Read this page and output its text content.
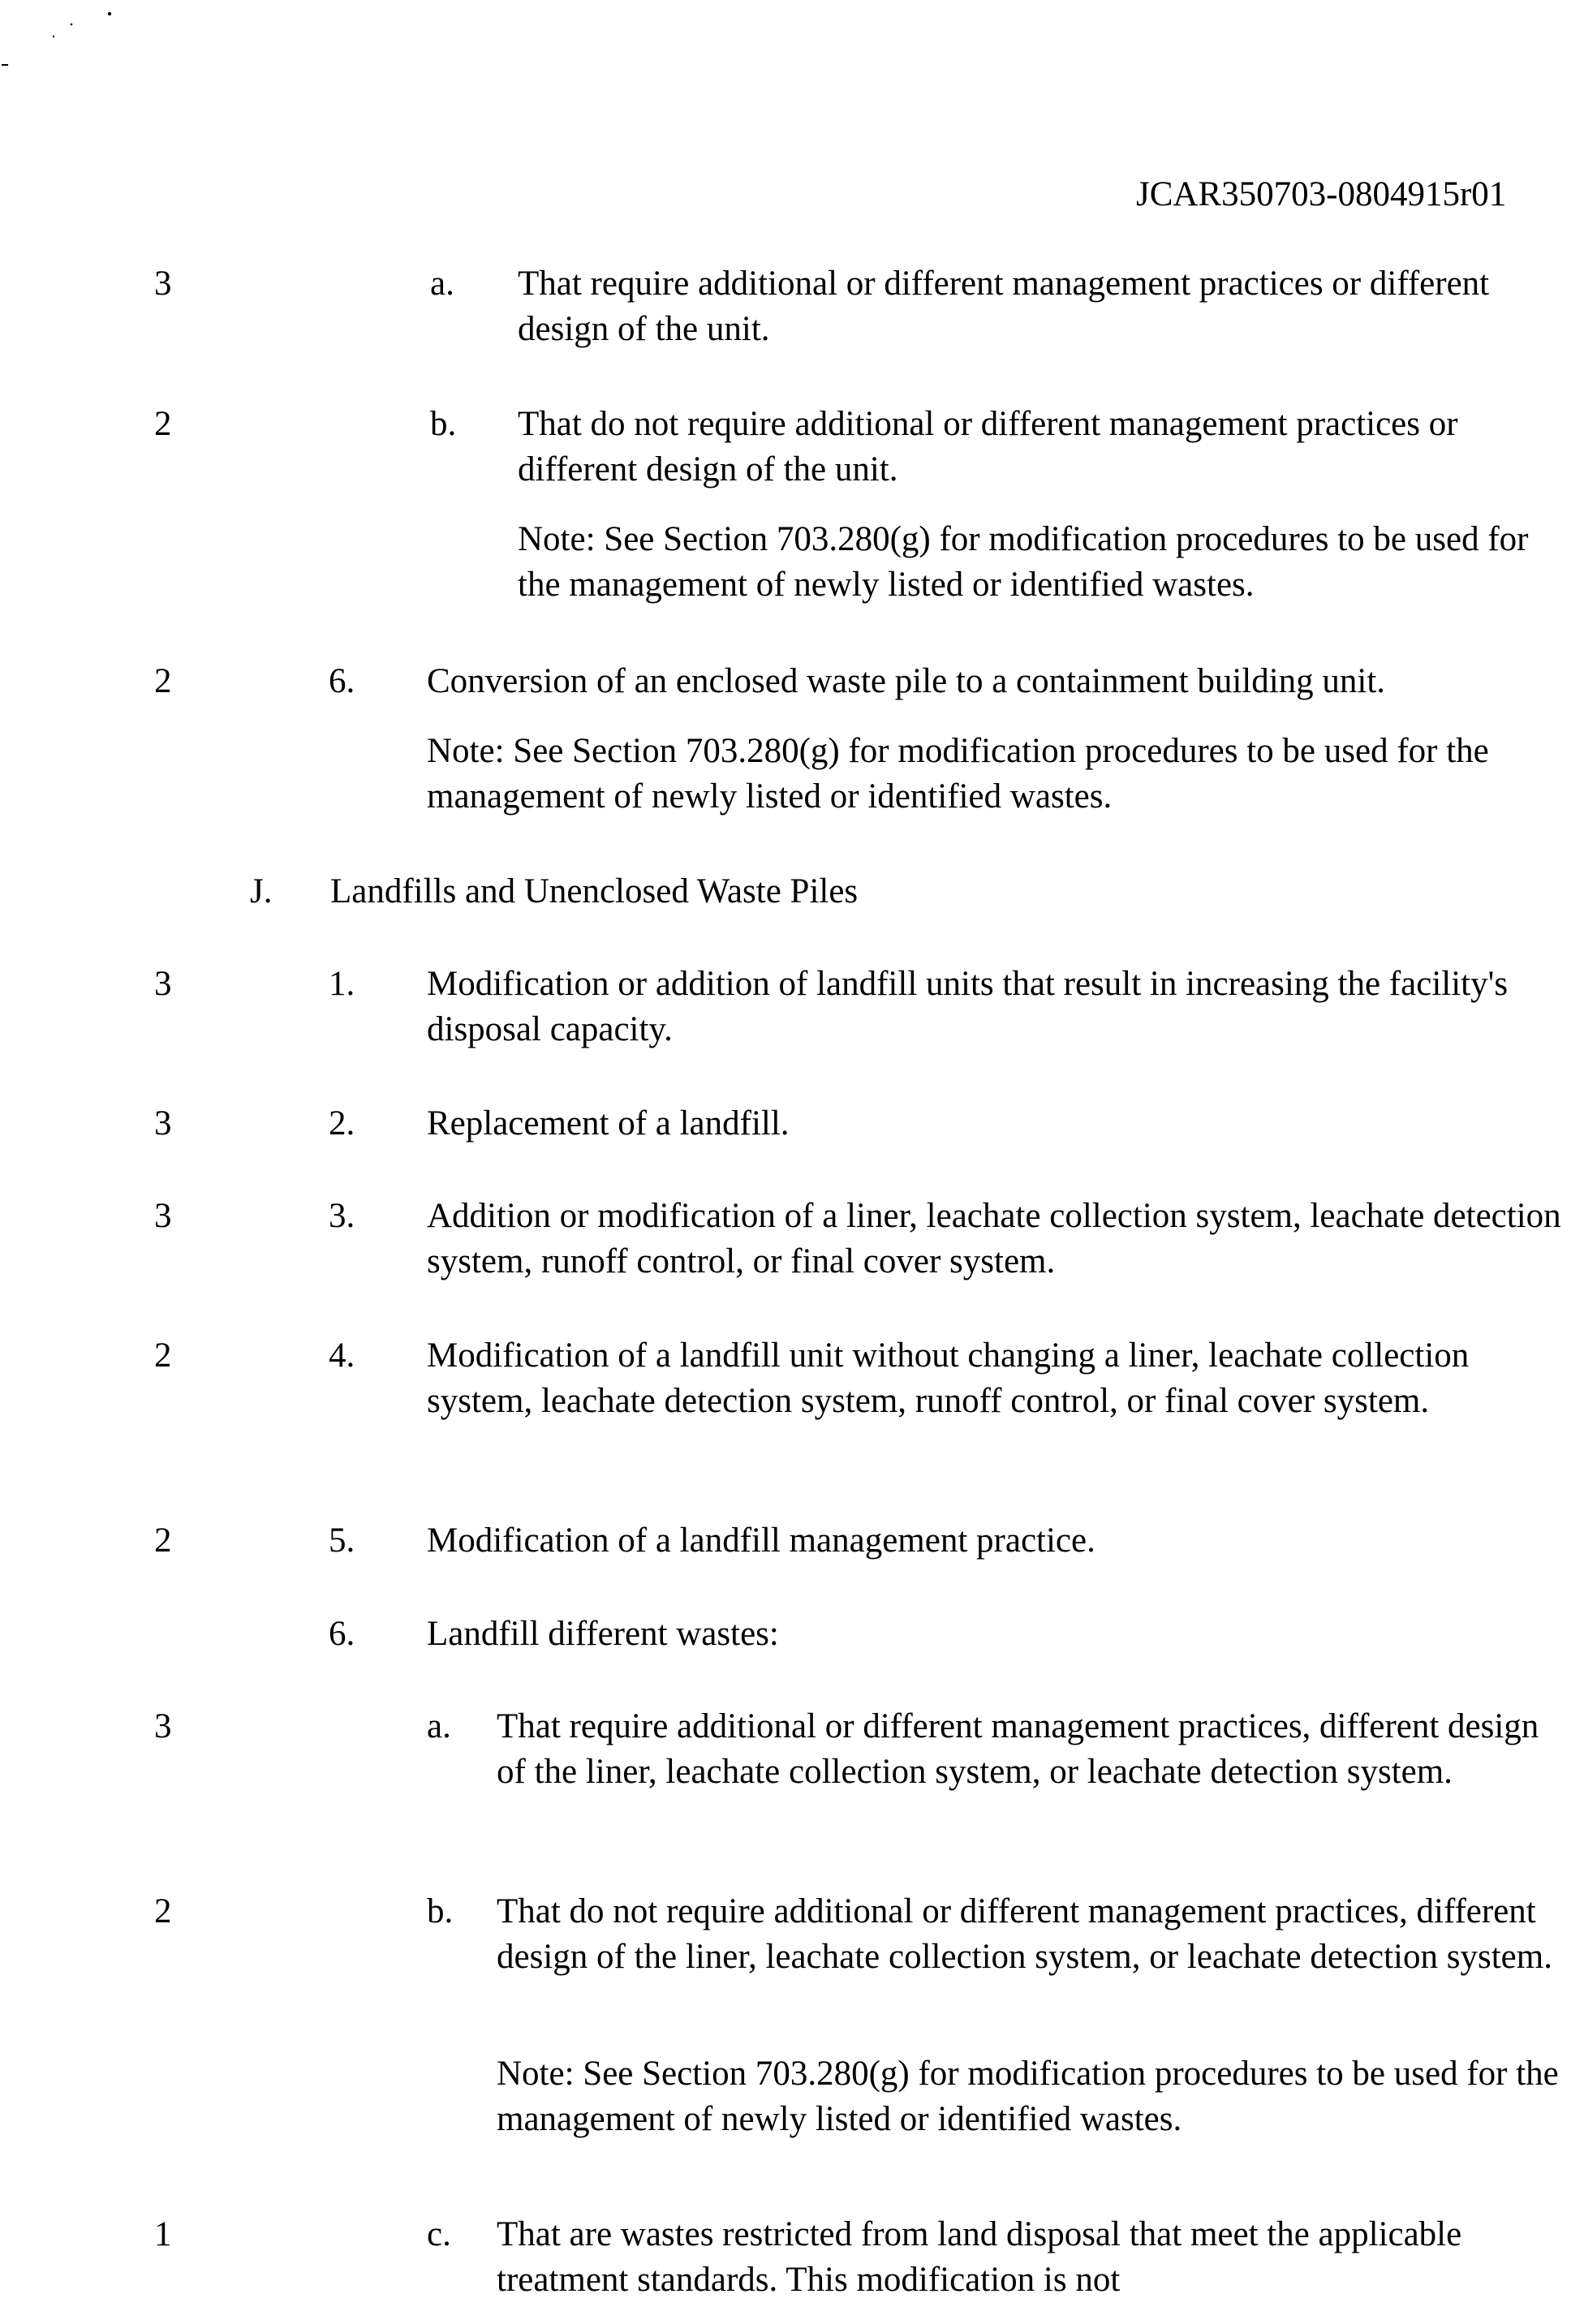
JCAR350703-0804915r01
3	a. That require additional or different management practices or different design of the unit.
2	b. That do not require additional or different management practices or different design of the unit.
Note: See Section 703.280(g) for modification procedures to be used for the management of newly listed or identified wastes.
2	6. Conversion of an enclosed waste pile to a containment building unit.
Note: See Section 703.280(g) for modification procedures to be used for the management of newly listed or identified wastes.
J. Landfills and Unenclosed Waste Piles
3	1. Modification or addition of landfill units that result in increasing the facility's disposal capacity.
3	2. Replacement of a landfill.
3	3. Addition or modification of a liner, leachate collection system, leachate detection system, runoff control, or final cover system.
2	4. Modification of a landfill unit without changing a liner, leachate collection system, leachate detection system, runoff control, or final cover system.
2	5. Modification of a landfill management practice.
6. Landfill different wastes:
3	a. That require additional or different management practices, different design of the liner, leachate collection system, or leachate detection system.
2	b. That do not require additional or different management practices, different design of the liner, leachate collection system, or leachate detection system.
Note: See Section 703.280(g) for modification procedures to be used for the management of newly listed or identified wastes.
1	c. That are wastes restricted from land disposal that meet the applicable treatment standards. This modification is not
